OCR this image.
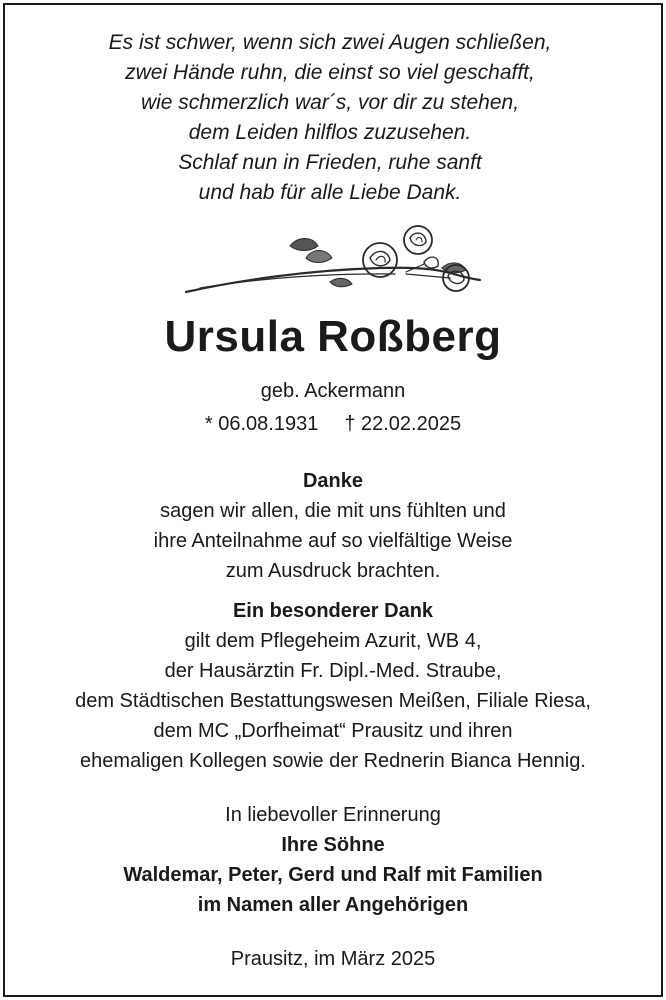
Es ist schwer, wenn sich zwei Augen schließen,
zwei Hände ruhn, die einst so viel geschafft,
wie schmerzlich war´s, vor dir zu stehen,
dem Leiden hilflos zuzusehen.
Schlaf nun in Frieden, ruhe sanft
und hab für alle Liebe Dank.
Ursula Roßberg
geb. Ackermann
* 06.08.1931 † 22.02.2025
Danke
sagen wir allen, die mit uns fühlten und
ihre Anteilnahme auf so vielfältige Weise
zum Ausdruck brachten.
Ein besonderer Dank
gilt dem Pflegeheim Azurit, WB 4,
der Hausärztin Fr. Dipl.-Med. Straube,
dem Städtischen Bestattungswesen Meißen, Filiale Riesa,
dem MC „Dorfheimat“ Prausitz und ihren
ehemaligen Kollegen sowie der Rednerin Bianca Hennig.
In liebevoller Erinnerung
Ihre Söhne
Waldemar, Peter, Gerd und Ralf mit Familien
im Namen aller Angehörigen
Prausitz, im März 2025
